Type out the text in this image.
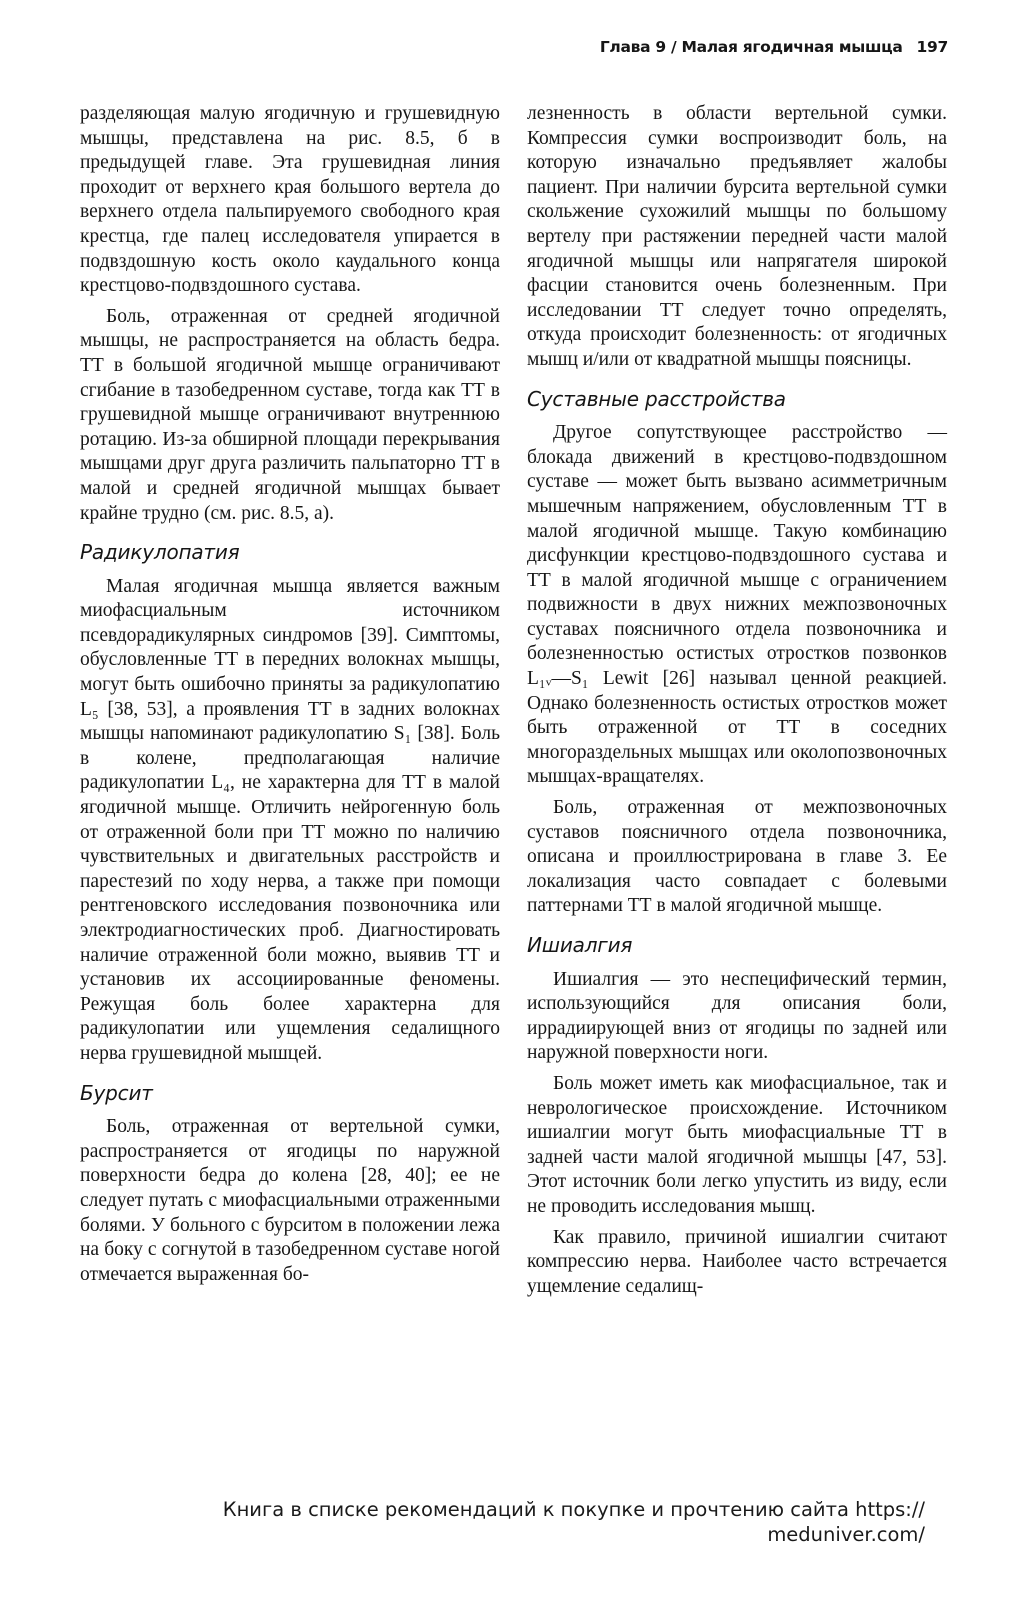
Глава 9 / Малая ягодичная мышца 197

разделяющая малую ягодичную и грушевидную мышцы, представлена на рис. 8.5, б в предыдущей главе. Эта грушевидная линия проходит от верхнего края большого вертела до верхнего отдела пальпируемого свободного края крестца, где палец исследователя упирается в подвздошную кость около каудального конца крестцово-подвздошного сустава.

Боль, отраженная от средней ягодичной мышцы, не распространяется на область бедра. ТТ в большой ягодичной мышце ограничивают сгибание в тазобедренном суставе, тогда как ТТ в грушевидной мышце ограничивают внутреннюю ротацию. Из-за обширной площади перекрывания мышцами друг друга различить пальпаторно ТТ в малой и средней ягодичной мышцах бывает крайне трудно (см. рис. 8.5, а).

Радикулопатия

Малая ягодичная мышца является важным миофасциальным источником псевдорадикулярных синдромов [39]. Симптомы, обусловленные ТТ в передних волокнах мышцы, могут быть ошибочно приняты за радикулопатию L₅ [38, 53], а проявления ТТ в задних волокнах мышцы напоминают радикулопатию S₁ [38]. Боль в колене, предполагающая наличие радикулопатии L₄, не характерна для ТТ в малой ягодичной мышце. Отличить нейрогенную боль от отраженной боли при ТТ можно по наличию чувствительных и двигательных расстройств и парестезий по ходу нерва, а также при помощи рентгеновского исследования позвоночника или электродиагностических проб. Диагностировать наличие отраженной боли можно, выявив ТТ и установив их ассоциированные феномены. Режущая боль более характерна для радикулопатии или ущемления седалищного нерва грушевидной мышцей.

Бурсит

Боль, отраженная от вертельной сумки, распространяется от ягодицы по наружной поверхности бедра до колена [28, 40]; ее не следует путать с миофасциальными отраженными болями. У больного с бурситом в положении лежа на боку с согнутой в тазобедренном суставе ногой отмечается выраженная бо-

лезненность в области вертельной сумки. Компрессия сумки воспроизводит боль, на которую изначально предъявляет жалобы пациент. При наличии бурсита вертельной сумки скольжение сухожилий мышцы по большому вертелу при растяжении передней части малой ягодичной мышцы или напрягателя широкой фасции становится очень болезненным. При исследовании ТТ следует точно определять, откуда происходит болезненность: от ягодичных мышц и/или от квадратной мышцы поясницы.

Суставные расстройства

Другое сопутствующее расстройство — блокада движений в крестцово-подвздошном суставе — может быть вызвано асимметричным мышечным напряжением, обусловленным ТТ в малой ягодичной мышце. Такую комбинацию дисфункции крестцово-подвздошного сустава и ТТ в малой ягодичной мышце с ограничением подвижности в двух нижних межпозвоночных суставах поясничного отдела позвоночника и болезненностью остистых отростков позвонков L₁ᵥ—S₁ Lewit [26] называл ценной реакцией. Однако болезненность остистых отростков может быть отраженной от ТТ в соседних многораздельных мышцах или околопозвоночных мышцах-вращателях.

Боль, отраженная от межпозвоночных суставов поясничного отдела позвоночника, описана и проиллюстрирована в главе 3. Ее локализация часто совпадает с болевыми паттернами ТТ в малой ягодичной мышце.

Ишиалгия

Ишиалгия — это неспецифический термин, использующийся для описания боли, иррадиирующей вниз от ягодицы по задней или наружной поверхности ноги.

Боль может иметь как миофасциальное, так и неврологическое происхождение. Источником ишиалгии могут быть миофасциальные ТТ в задней части малой ягодичной мышцы [47, 53]. Этот источник боли легко упустить из виду, если не проводить исследования мышц.

Как правило, причиной ишиалгии считают компрессию нерва. Наиболее часто встречается ущемление седалищ-

Книга в списке рекомендаций к покупке и прочтению сайта https://
meduniver.com/
